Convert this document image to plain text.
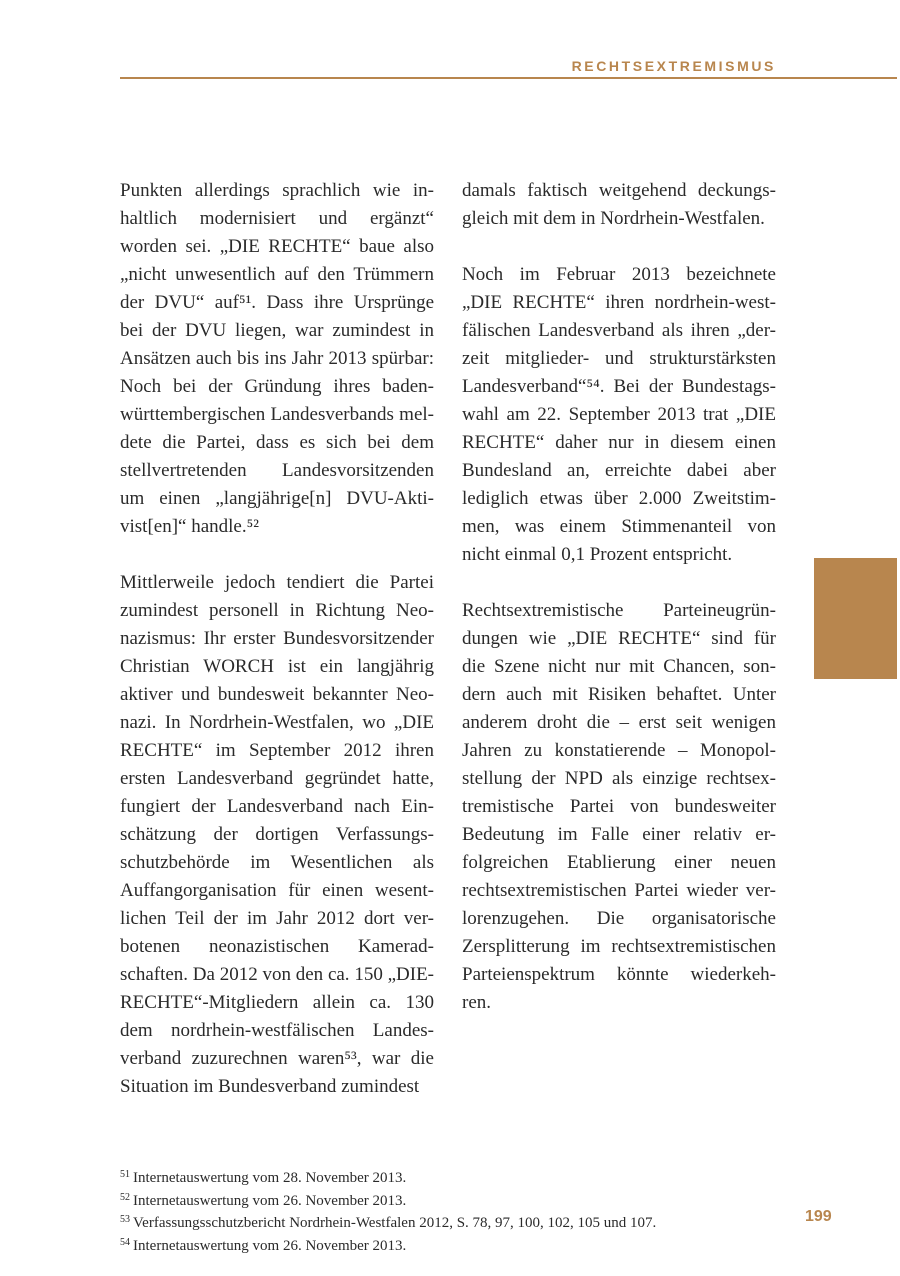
RECHTSEXTREMISMUS
Punkten allerdings sprachlich wie in-
haltlich modernisiert und ergänzt“
worden sei. „DIE RECHTE“ baue also
„nicht unwesentlich auf den Trümmern
der DVU“ auf⁵¹. Dass ihre Ursprünge
bei der DVU liegen, war zumindest in
Ansätzen auch bis ins Jahr 2013 spürbar:
Noch bei der Gründung ihres baden-
württembergischen Landesverbands mel-
dete die Partei, dass es sich bei dem
stellvertretenden Landesvorsitzenden
um einen „langjährige[n] DVU-Akti-
vist[en]“ handle.⁵²
Mittlerweile jedoch tendiert die Partei
zumindest personell in Richtung Neo-
nazismus: Ihr erster Bundesvorsitzender
Christian WORCH ist ein langjährig
aktiver und bundesweit bekannter Neo-
nazi. In Nordrhein-Westfalen, wo „DIE
RECHTE“ im September 2012 ihren
ersten Landesverband gegründet hatte,
fungiert der Landesverband nach Ein-
schätzung der dortigen Verfassungs-
schutzbehörde im Wesentlichen als
Auffangorganisation für einen wesent-
lichen Teil der im Jahr 2012 dort ver-
botenen neonazistischen Kamerad-
schaften. Da 2012 von den ca. 150 „DIE-
RECHTE“-Mitgliedern allein ca. 130
dem nordrhein-westfälischen Landes-
verband zuzurechnen waren⁵³, war die
Situation im Bundesverband zumindest
damals faktisch weitgehend deckungs-
gleich mit dem in Nordrhein-Westfalen.
Noch im Februar 2013 bezeichnete
„DIE RECHTE“ ihren nordrhein-west-
fälischen Landesverband als ihren „der-
zeit mitglieder- und strukturstärksten
Landesverband“⁵⁴. Bei der Bundestags-
wahl am 22. September 2013 trat „DIE
RECHTE“ daher nur in diesem einen
Bundesland an, erreichte dabei aber
lediglich etwas über 2.000 Zweitstim-
men, was einem Stimmenanteil von
nicht einmal 0,1 Prozent entspricht.
Rechtsextremistische Parteineugrün-
dungen wie „DIE RECHTE“ sind für
die Szene nicht nur mit Chancen, son-
dern auch mit Risiken behaftet. Unter
anderem droht die – erst seit wenigen
Jahren zu konstatierende – Monopol-
stellung der NPD als einzige rechtsex-
tremistische Partei von bundesweiter
Bedeutung im Falle einer relativ er-
folgreichen Etablierung einer neuen
rechtsextremistischen Partei wieder ver-
lorenzugehen. Die organisatorische
Zersplitterung im rechtsextremistischen
Parteienspektrum könnte wiederkeh-
ren.
$^{51}$ Internetauswertung vom 28. November 2013.
$^{52}$ Internetauswertung vom 26. November 2013.
$^{53}$ Verfassungsschutzbericht Nordrhein-Westfalen 2012, S. 78, 97, 100, 102, 105 und 107.
$^{54}$ Internetauswertung vom 26. November 2013.
199
